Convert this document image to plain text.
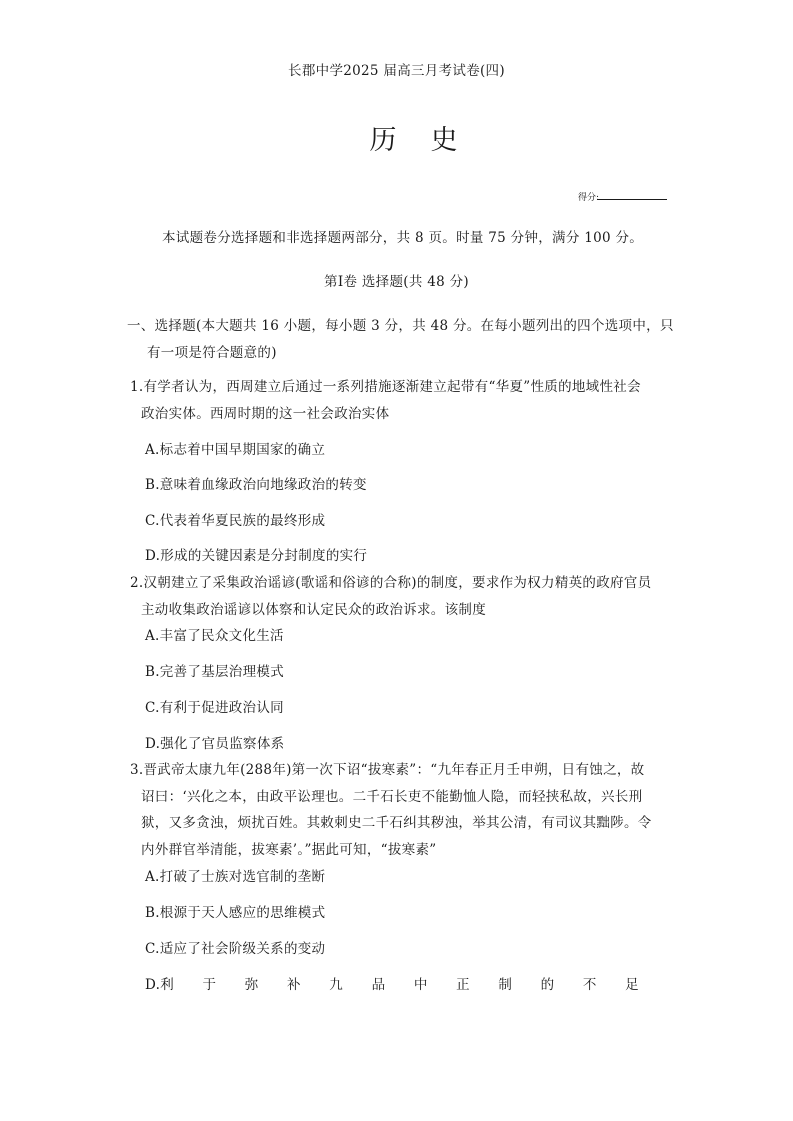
长郡中学2025 届高三月考试卷(四)
历史
得分:
本试题卷分选择题和非选择题两部分，共 8 页。时量 75 分钟，满分 100 分。
第Ⅰ卷 选择题(共 48 分)
一、选择题(本大题共 16 小题，每小题 3 分，共 48 分。在每小题列出的四个选项中，只
有一项是符合题意的)
1.有学者认为，西周建立后通过一系列措施逐渐建立起带有“华夏”性质的地域性社会
政治实体。西周时期的这一社会政治实体
A.标志着中国早期国家的确立
B.意味着血缘政治向地缘政治的转变
C.代表着华夏民族的最终形成
D.形成的关键因素是分封制度的实行
2.汉朝建立了采集政治谣谚(歌谣和俗谚的合称)的制度，要求作为权力精英的政府官员
主动收集政治谣谚以体察和认定民众的政治诉求。该制度
A.丰富了民众文化生活
B.完善了基层治理模式
C.有利于促进政治认同
D.强化了官员监察体系
3.晋武帝太康九年(288年)第一次下诏“拔寒素”：“九年春正月壬申朔，日有蚀之，故
诏曰：‘兴化之本，由政平讼理也。二千石长吏不能勤恤人隐，而轻挟私故，兴长刑
狱，又多贪浊，烦扰百姓。其敕刺史二千石纠其秽浊，举其公清，有司议其黜陟。令
内外群官举清能，拔寒素’。”据此可知，“拔寒素”
A.打破了士族对选官制的垄断
B.根源于天人感应的思维模式
C.适应了社会阶级关系的变动
D.利 于 弥 补 九 品 中 正 制 的 不 足
